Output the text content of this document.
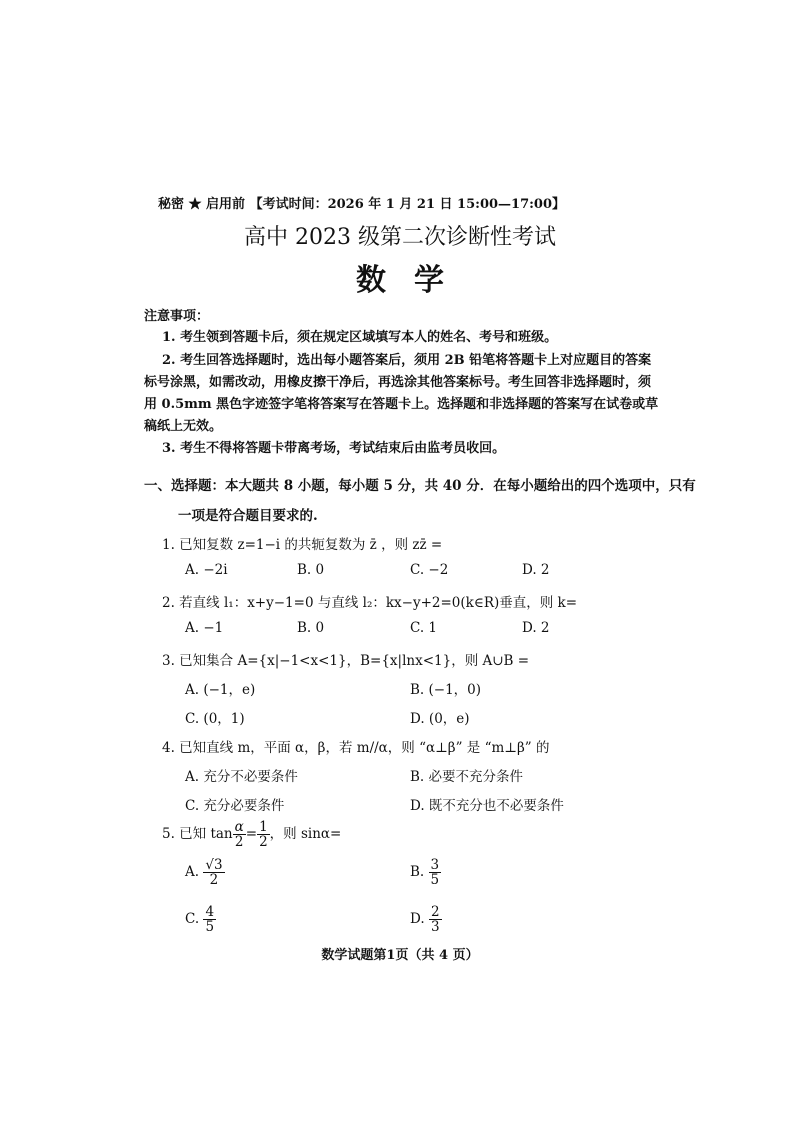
秘密 ★ 启用前 【考试时间：2026 年 1 月 21 日 15:00—17:00】
高中 2023 级第二次诊断性考试
数学
注意事项：
1. 考生领到答题卡后，须在规定区域填写本人的姓名、考号和班级。
2. 考生回答选择题时，选出每小题答案后，须用 2B 铅笔将答题卡上对应题目的答案
标号涂黑，如需改动，用橡皮擦干净后，再选涂其他答案标号。考生回答非选择题时，须
用 0.5mm 黑色字迹签字笔将答案写在答题卡上。选择题和非选择题的答案写在试卷或草
稿纸上无效。
3. 考生不得将答题卡带离考场，考试结束后由监考员收回。
一、选择题：本大题共 8 小题，每小题 5 分，共 40 分．在每小题给出的四个选项中，只有
一项是符合题目要求的.
1. 已知复数 z=1−i 的共轭复数为 z̄ ，则 zz̄ =
A. −2i	B. 0	C. −2	D. 2
2. 若直线 l₁：x+y−1=0 与直线 l₂：kx−y+2=0(k∈R)垂直，则 k=
A. −1	B. 0	C. 1	D. 2
3. 已知集合 A={x|−1<x<1}，B={x|lnx<1}，则 A∪B =
A. (−1，e)	B. (−1，0)
C. (0，1)	D. (0，e)
4. 已知直线 m，平面 α，β，若 m//α，则 “α⊥β” 是 “m⊥β” 的
A. 充分不必要条件	B. 必要不充分条件
C. 充分必要条件	D. 既不充分也不必要条件
5. 已知 $\tan \frac{\alpha}{2} = \frac{1}{2}$ ，则 sinα=
A. $\frac{√3}{2}$	B. $\frac{3}{5}$
C. $\frac{4}{5}$	D. $\frac{2}{3}$
数学试题第1页（共 4 页）
